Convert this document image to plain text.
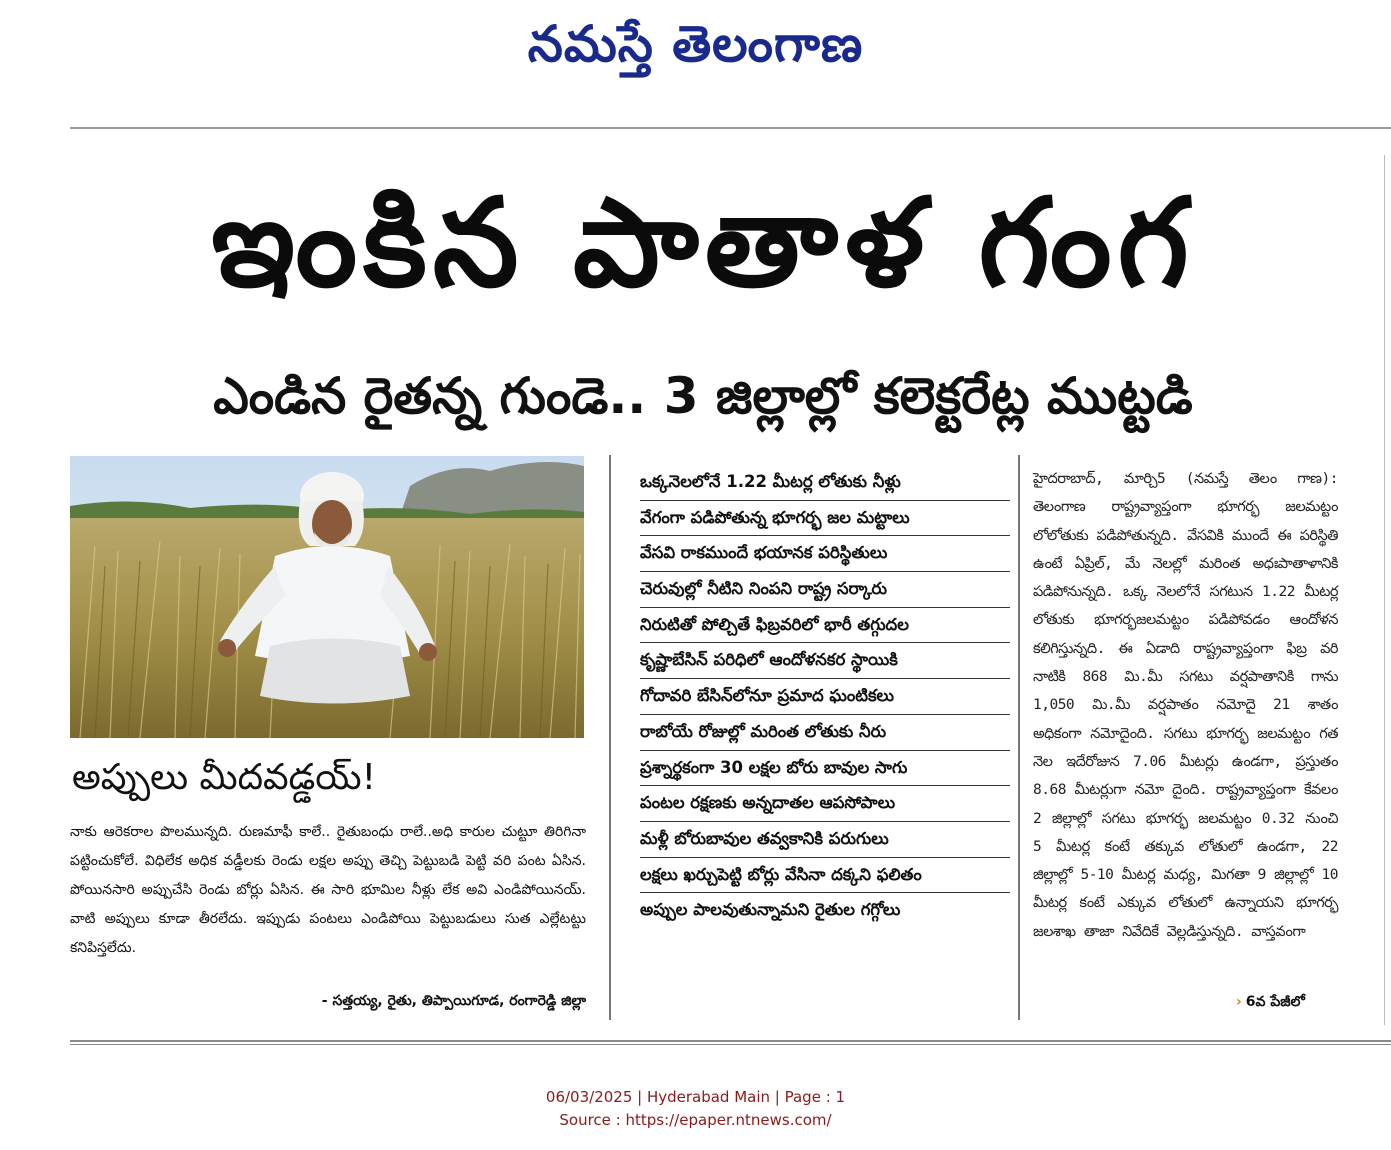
నమస్తే తెలంగాణ
ఇంకిన పాతాళ గంగ
ఎండిన రైతన్న గుండె.. 3 జిల్లాల్లో కలెక్టరేట్ల ముట్టడి
అప్పులు మీదవడ్డయ్‌!

నాకు ఆరెకరాల పొలమున్నది. రుణమాఫీ కాలే.. రైతుబంధు రాలే..అధి కారుల చుట్టూ తిరిగినా పట్టించుకోలే. విధిలేక అధిక వడ్డీలకు రెండు లక్షల అప్పు తెచ్చి పెట్టుబడి పెట్టి వరి పంట ఏసిన. పోయినసారి అప్పుచేసి రెండు బోర్లు ఏసిన. ఈ సారి భూమిల నీళ్లు లేక అవి ఎండిపోయినయ్‌. వాటి అప్పులు కూడా తీరలేదు. ఇప్పుడు పంటలు ఎండిపోయి పెట్టుబడులు సుత ఎల్లేటట్టు కనిపిస్తలేదు.

- సత్తయ్య, రైతు, తిప్పాయిగూడ, రంగారెడ్డి జిల్లా
ఒక్కనెలలోనే 1.22 మీటర్ల లోతుకు నీళ్లు
వేగంగా పడిపోతున్న భూగర్భ జల మట్టాలు
వేసవి రాకముందే భయానక పరిస్థితులు
చెరువుల్లో నీటిని నింపని రాష్ట్ర సర్కారు
నిరుటితో పోల్చితే ఫిబ్రవరిలో భారీ తగ్గుదల
కృష్ణాబేసిన్‌ పరిధిలో ఆందోళనకర స్థాయికి
గోదావరి బేసిన్‌లోనూ ప్రమాద ఘంటికలు
రాబోయే రోజుల్లో మరింత లోతుకు నీరు
ప్రశ్నార్థకంగా 30 లక్షల బోరు బావుల సాగు
పంటల రక్షణకు అన్నదాతల ఆపసోపాలు
మళ్లీ బోరుబావుల తవ్వకానికి పరుగులు
లక్షలు ఖర్చుపెట్టి బోర్లు వేసినా దక్కని ఫలితం
అప్పుల పాలవుతున్నామని రైతుల గగ్గోలు

హైదరాబాద్‌, మార్చి5 (నమస్తే తెలం గాణ): తెలంగాణ రాష్ట్రవ్యాప్తంగా భూగర్భ జలమట్టం లోలోతుకు పడిపోతున్నది. వేసవికి ముందే ఈ పరిస్థితి ఉంటే ఏప్రిల్‌, మే నెలల్లో మరింత అధఃపాతాళానికి పడిపోనున్నది. ఒక్క నెలలోనే సగటున 1.22 మీటర్ల లోతుకు భూగర్భజలమట్టం పడిపోవడం ఆందోళన కలిగిస్తున్నది. ఈ ఏడాది రాష్ట్రవ్యాప్తంగా ఫిబ్ర వరి నాటికి 868 మి.మీ సగటు వర్షపాతానికి గాను 1,050 మి.మీ వర్షపాతం నమోదై 21 శాతం అధికంగా నమోదైంది. సగటు భూగర్భ జలమట్టం గత నెల ఇదేరోజున 7.06 మీటర్లు ఉండగా, ప్రస్తుతం 8.68 మీటర్లుగా నమో దైంది. రాష్ట్రవ్యాప్తంగా కేవలం 2 జిల్లాల్లో సగటు భూగర్భ జలమట్టం 0.32 నుంచి 5 మీటర్ల కంటే తక్కువ లోతులో ఉండగా, 22 జిల్లాల్లో 5-10 మీటర్ల మధ్య, మిగతా 9 జిల్లాల్లో 10 మీటర్ల కంటే ఎక్కువ లోతులో ఉన్నాయని భూగర్భ జలశాఖ తాజా నివేదికే వెల్లడిస్తున్నది. వాస్తవంగా

› 6వ పేజీలో
06/03/2025 | Hyderabad Main | Page : 1
Source : https://epaper.ntnews.com/
